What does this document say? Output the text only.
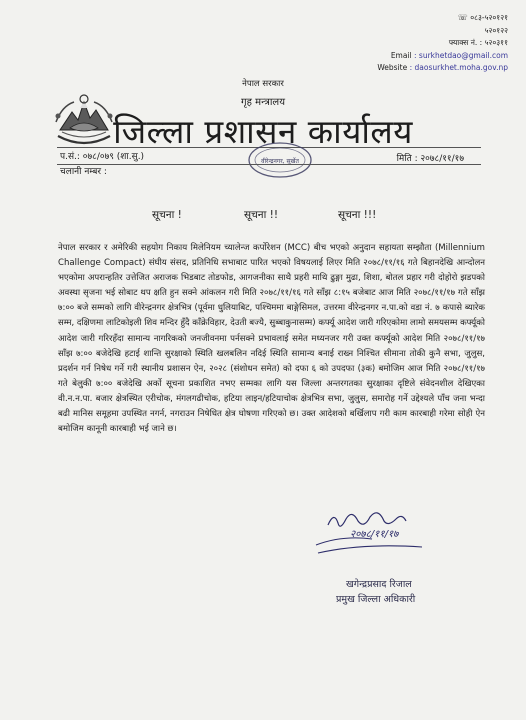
☏ ०८३-५२०१२१
५२०१२२
फ्याक्स नं. : ५२०३११
Email : surkhetdao@gmail.com
Website : daosurkhet.moha.gov.np
नेपाल सरकार
गृह मन्त्रालय
जिल्ला प्रशासन कार्यालय
प.सं.: ०७८/०७९ (शा.सु.)
चलानी नम्बर :
मिति : २०७८/११/१७
वीरेन्द्रनगर, सुर्खेत
सूचना !	सूचना !!	सूचना !!!
नेपाल सरकार र अमेरिकी सहयोग निकाय मिलेनियम च्यालेन्ज कर्पोरेशन (MCC) बीच भएको अनुदान सहायता सम्झौता (Millennium Challenge Compact) संघीय संसद, प्रतिनिधि सभाबाट पारित भएको विषयलाई लिएर मिति २०७८/११/१६ गते बिहानदेखि आन्दोलन भएकोमा अपरान्हतिर उत्तेजित अराजक भिडबाट तोडफोड, आगजनीका साथै प्रहरी माथि ढुङ्गा मुढा, शिशा, बोतल प्रहार गरी दोहोरो झडपको अवस्था सृजना भई सोबाट थप क्षति हुन सक्ने आंकलन गरी मिति २०७८/११/१६ गते साँझ ८:१५ बजेबाट आज मिति २०७८/११/१७ गते साँझ ७:०० बजे सम्मको लागि वीरेन्द्रनगर क्षेत्रभित्र (पूर्वमा धुलियाबिट, पश्चिममा बाङ्गेसिमल, उत्तरमा वीरेन्द्रनगर न.पा.को वडा नं. ७ कपासे ब्यारेक सम्म, दक्षिणमा लाटिकोइली शिव मन्दिर हुँदै काँक्रेविहार, देउती बज्यै, सुब्बाकुनासम्म) कर्फ्यू आदेश जारी गरिएकोमा लामो समयसम्म कर्फ्यूको आदेश जारी गरिरहँदा सामान्य नागरिकको जनजीवनमा पर्नसक्ने प्रभावलाई समेत मध्यनजर गरी उक्त कर्फ्यूको आदेश मिति २०७८/११/१७ साँझ ७:०० बजेदेखि हटाई शान्ति सुरक्षाको स्थिति खलबलिन नदिई स्थिति सामान्य बनाई राख्न निश्चित सीमाना तोकी कुनै सभा, जुलुस, प्रदर्शन गर्न निषेध गर्ने गरी स्थानीय प्रशासन ऐन, २०२८ (संशोधन समेत) को दफा ६ को उपदफा (३क) बमोजिम आज मिति २०७८/११/१७ गते बेलुकी ७:०० बजेदेखि अर्को सूचना प्रकाशित नभए सम्मका लागि यस जिल्ला अन्तरगतका सुरक्षाका दृष्टिले संवेदनशील देखिएका वी.न.न.पा. बजार क्षेत्रस्थित एरीचोक, मंगलगढीचोक, हटिया लाइन/हटियाचोक क्षेत्रभित्र सभा, जुलुस, समारोह गर्ने उद्देश्यले पाँच जना भन्दा बढी मानिस समूहमा उपस्थित नगर्न, नगराउन निषेधित क्षेत्र घोषणा गरिएको छ। उक्त आदेशको बर्खिलाप गरी काम कारबाही गरेमा सोही ऐन बमोजिम कानूनी कारबाही भई जाने छ।
२०७८/११/१७
खगेन्द्रप्रसाद रिजाल
प्रमुख जिल्ला अधिकारी
